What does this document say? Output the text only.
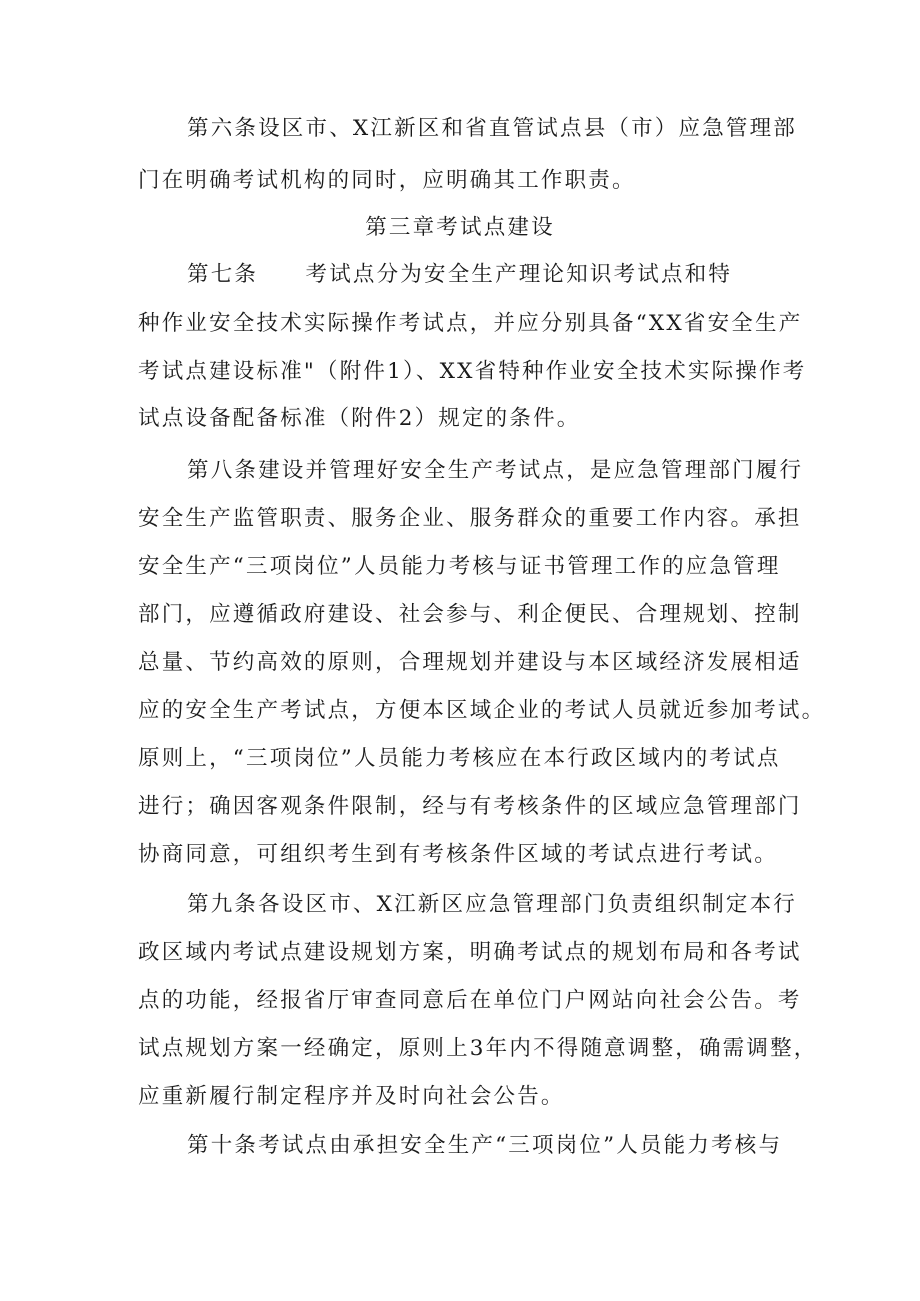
第六条设区市、X江新区和省直管试点县（市）应急管理部
门在明确考试机构的同时，应明确其工作职责。
第三章考试点建设
第七条　　考试点分为安全生产理论知识考试点和特
种作业安全技术实际操作考试点，并应分别具备“XX省安全生产
考试点建设标准"（附件1）、XX省特种作业安全技术实际操作考
试点设备配备标准（附件2）规定的条件。
第八条建设并管理好安全生产考试点，是应急管理部门履行
安全生产监管职责、服务企业、服务群众的重要工作内容。承担
安全生产“三项岗位”人员能力考核与证书管理工作的应急管理
部门，应遵循政府建设、社会参与、利企便民、合理规划、控制
总量、节约高效的原则，合理规划并建设与本区域经济发展相适
应的安全生产考试点，方便本区域企业的考试人员就近参加考试。
原则上，“三项岗位”人员能力考核应在本行政区域内的考试点
进行；确因客观条件限制，经与有考核条件的区域应急管理部门
协商同意，可组织考生到有考核条件区域的考试点进行考试。
第九条各设区市、X江新区应急管理部门负责组织制定本行
政区域内考试点建设规划方案，明确考试点的规划布局和各考试
点的功能，经报省厅审查同意后在单位门户网站向社会公告。考
试点规划方案一经确定，原则上3年内不得随意调整，确需调整，
应重新履行制定程序并及时向社会公告。
第十条考试点由承担安全生产“三项岗位”人员能力考核与
